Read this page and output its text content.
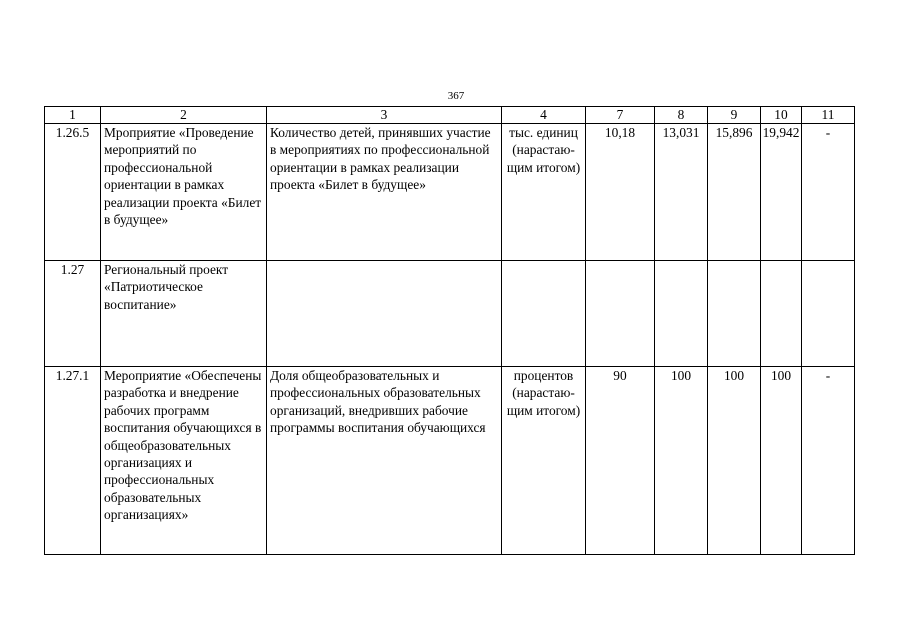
367
1	2	3	4	7	8	9	10	11
1.26.5	Мроприятие «Проведение мероприятий по профессиональной ориентации в рамках реализации проекта «Билет в будущее»	Количество детей, принявших участие в мероприятиях по профессиональной ориентации в рамках реализации проекта «Билет в будущее»	тыс. единиц (нарастаю-щим итогом)	10,18	13,031	15,896	19,942	-
1.27	Региональный проект «Патриотическое воспитание»							
1.27.1	Мероприятие «Обеспечены разработка и внедрение рабочих программ воспитания обучающихся в общеобразовательных организациях и профессиональных образовательных организациях»	Доля общеобразовательных и профессиональных образовательных организаций, внедривших рабочие программы воспитания обучающихся	процентов (нарастаю-щим итогом)	90	100	100	100	-
